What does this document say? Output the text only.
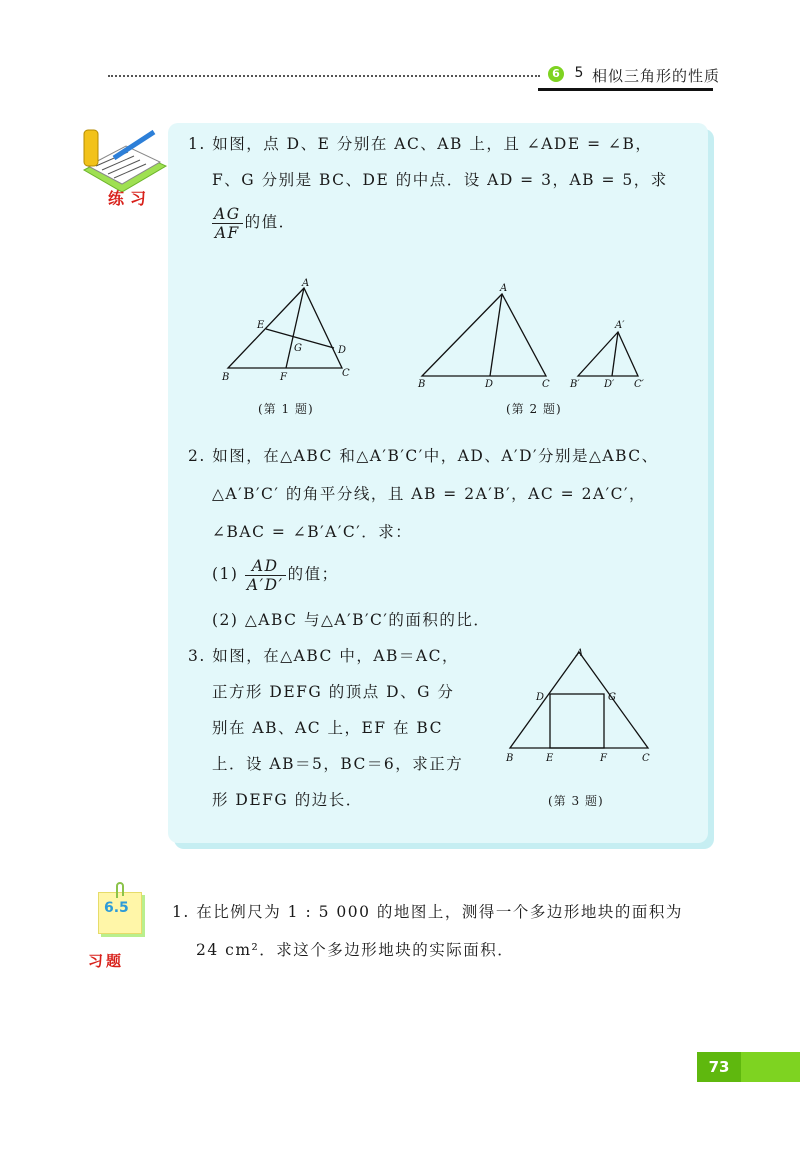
6 5 相似三角形的性质
练习
1. 如图，点 D、E 分别在 AC、AB 上，且 ∠ADE = ∠B，
F、G 分别是 BC、DE 的中点．设 AD = 3，AB = 5，求
$\frac{AG}{AF}$ 的值．
A
E
G	D
B	F	C
(第 1 题)
A
B	D	C
A′
B′ D′ C′
(第 2 题)
2. 如图，在△ABC 和△A′B′C′中，AD、A′D′分别是△ABC、
△A′B′C′ 的角平分线，且 AB = 2A′B′，AC = 2A′C′，
∠BAC = ∠B′A′C′．求：
$(1) \frac{AD}{A'D'}$ 的值；
(2) △ABC 与△A′B′C′的面积的比．
3. 如图，在△ABC 中，AB＝AC，
正方形 DEFG 的顶点 D、G 分
别在 AB、AC 上，EF 在 BC
上．设 AB＝5，BC＝6，求正方
形 DEFG 的边长．
A
D	G
B	E	F	C
(第 3 题)
6.5
习题
1. 在比例尺为 1 : 5 000 的地图上，测得一个多边形地块的面积为
24 cm²．求这个多边形地块的实际面积．
73
